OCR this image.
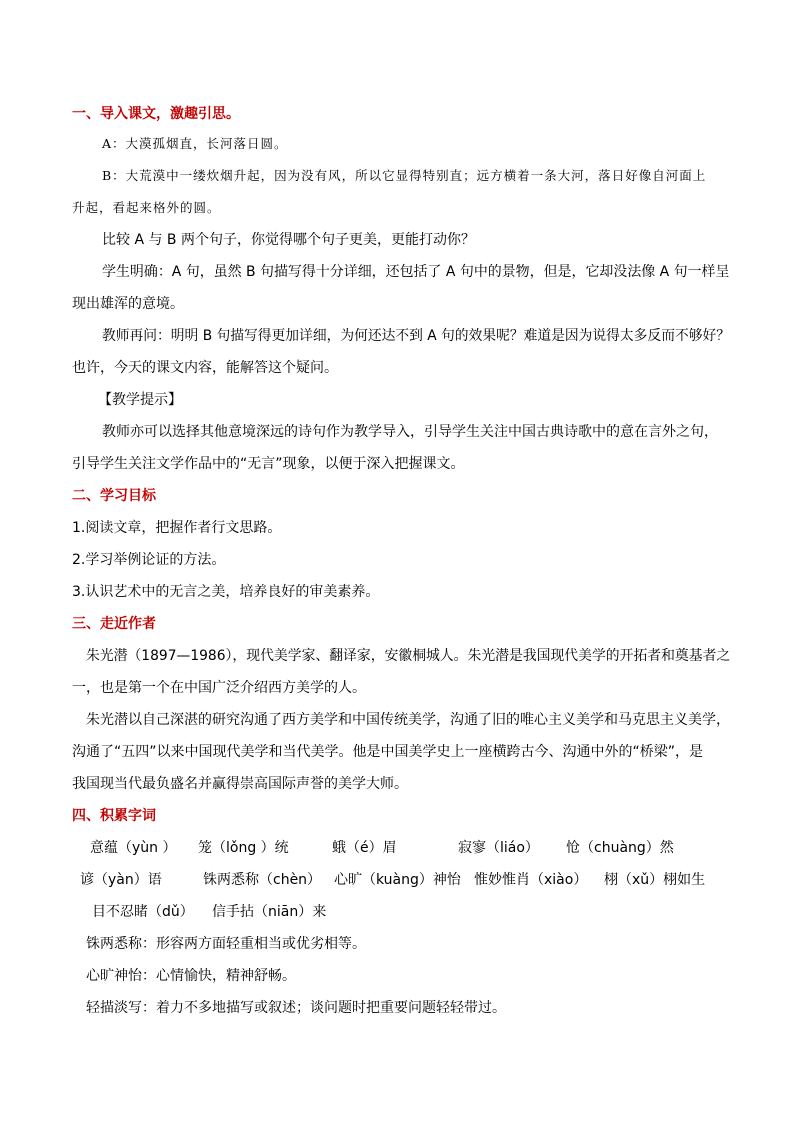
一、导入课文，激趣引思。
A：大漠孤烟直，长河落日圆。
B：大荒漠中一缕炊烟升起，因为没有风，所以它显得特别直；远方横着一条大河，落日好像自河面上
升起，看起来格外的圆。
比较 A 与 B 两个句子，你觉得哪个句子更美，更能打动你？
学生明确：A 句，虽然 B 句描写得十分详细，还包括了 A 句中的景物，但是，它却没法像 A 句一样呈
现出雄浑的意境。
教师再问：明明 B 句描写得更加详细，为何还达不到 A 句的效果呢？难道是因为说得太多反而不够好？
也许，今天的课文内容，能解答这个疑问。
【教学提示】
教师亦可以选择其他意境深远的诗句作为教学导入，引导学生关注中国古典诗歌中的意在言外之句，
引导学生关注文学作品中的“无言”现象，以便于深入把握课文。
二、学习目标
1.阅读文章，把握作者行文思路。
2.学习举例论证的方法。
3.认识艺术中的无言之美，培养良好的审美素养。
三、走近作者
朱光潜（1897—1986），现代美学家、翻译家，安徽桐城人。朱光潜是我国现代美学的开拓者和奠基者之
一，也是第一个在中国广泛介绍西方美学的人。
朱光潜以自己深湛的研究沟通了西方美学和中国传统美学，沟通了旧的唯心主义美学和马克思主义美学，
沟通了“五四”以来中国现代美学和当代美学。他是中国美学史上一座横跨古今、沟通中外的“桥梁”，是
我国现当代最负盛名并赢得崇高国际声誉的美学大师。
四、积累字词
意蕴（yùn ） 笼（lǒng ）统	蛾（é）眉	寂寥（liáo） 怆（chuàng）然
谚（yàn）语	铢两悉称（chèn） 心旷（kuàng）神怡 惟妙惟肖（xiào） 栩（xǔ）栩如生
目不忍睹（dǔ） 信手拈（niān）来
铢两悉称：形容两方面轻重相当或优劣相等。
心旷神怡：心情愉快，精神舒畅。
轻描淡写：着力不多地描写或叙述；谈问题时把重要问题轻轻带过。
